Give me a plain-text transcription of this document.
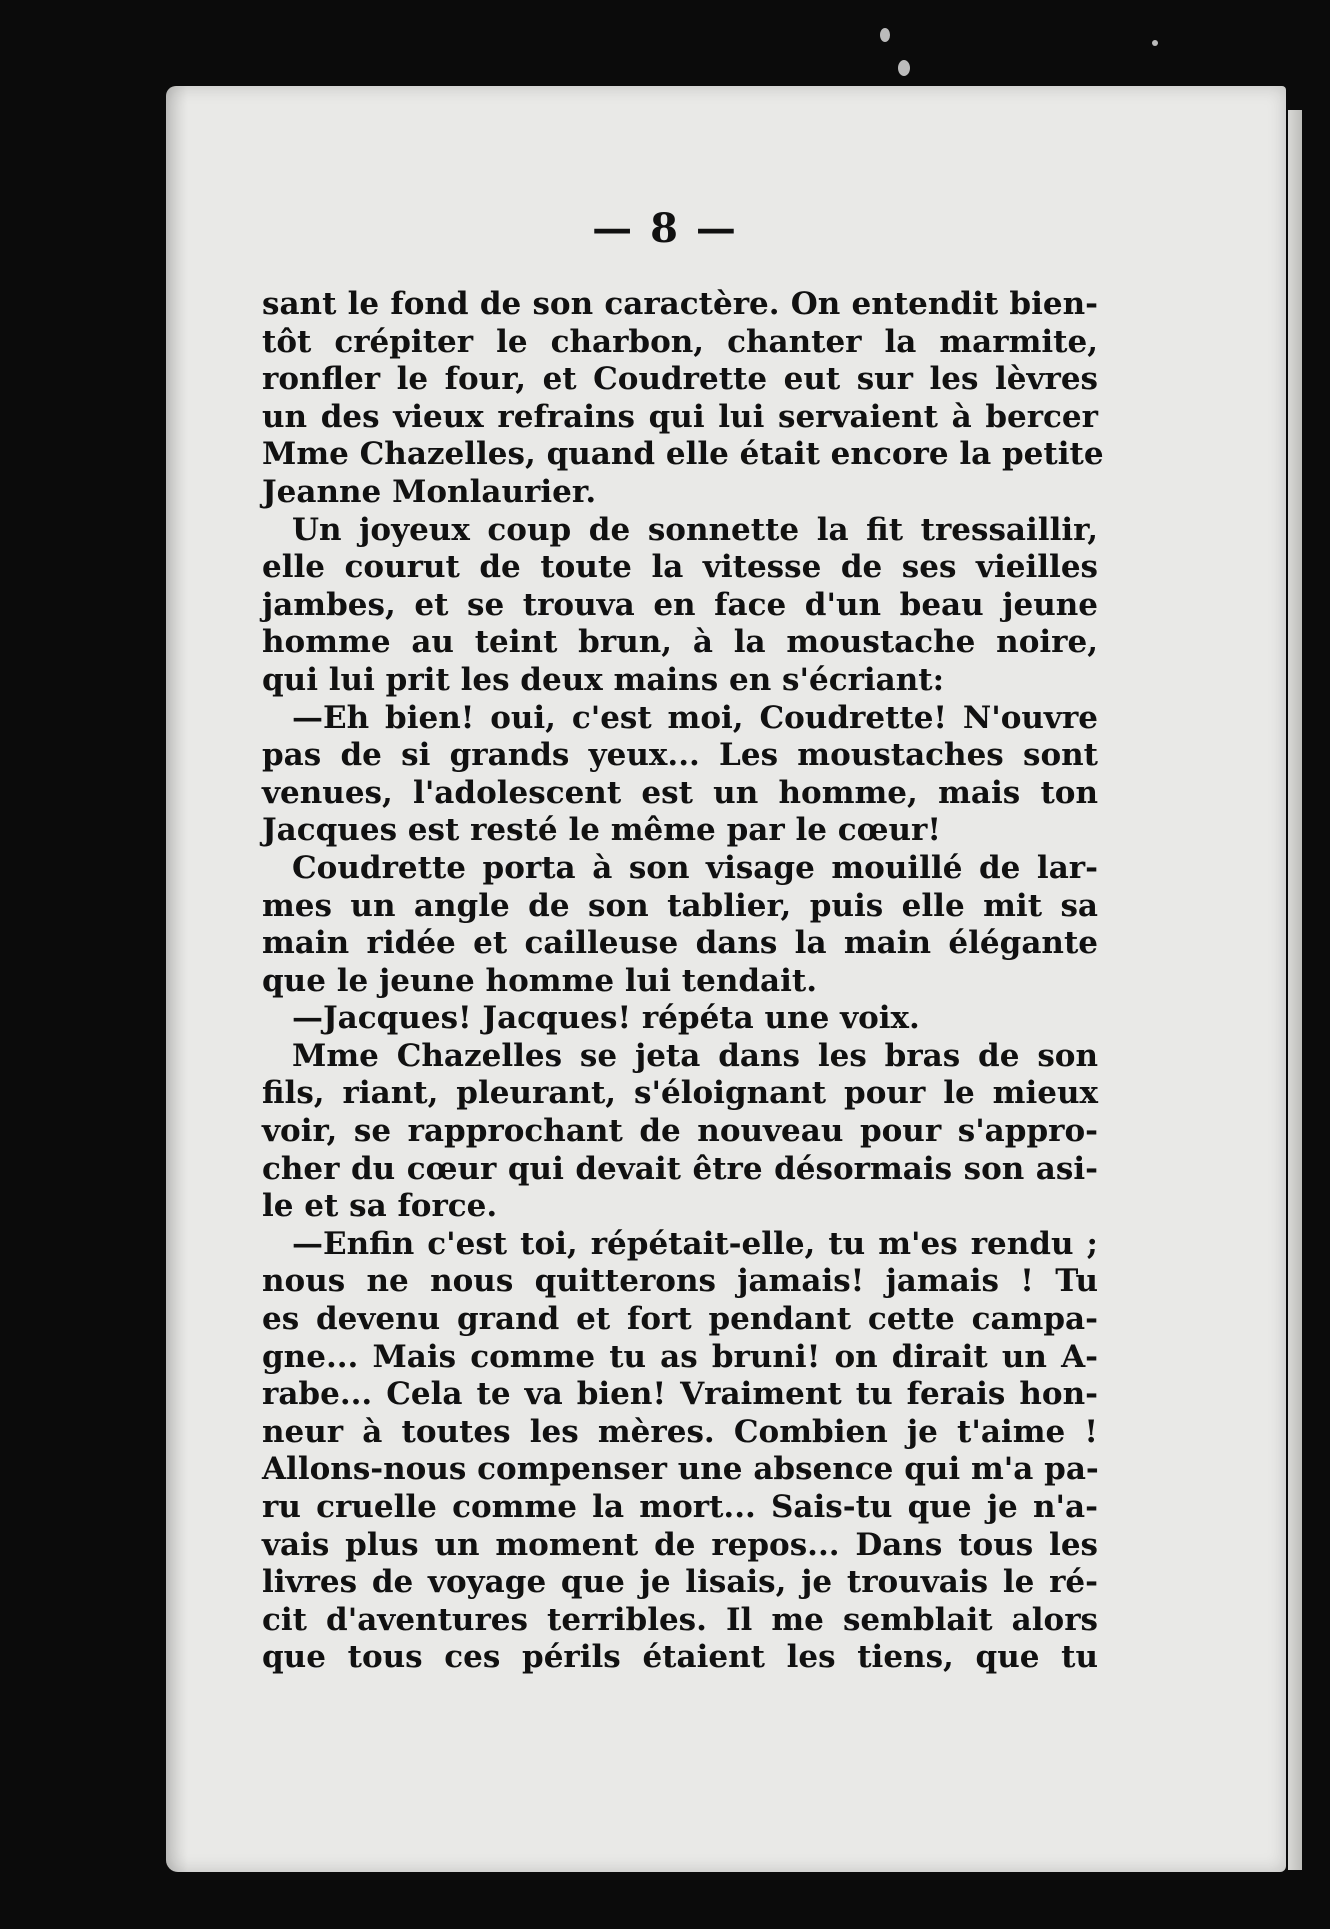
— 8 —
sant le fond de son caractère. On entendit bien-
tôt crépiter le charbon, chanter la marmite,
ronfler le four, et Coudrette eut sur les lèvres
un des vieux refrains qui lui servaient à bercer
Mme Chazelles, quand elle était encore la petite
Jeanne Monlaurier.
Un joyeux coup de sonnette la fit tressaillir,
elle courut de toute la vitesse de ses vieilles
jambes, et se trouva en face d'un beau jeune
homme au teint brun, à la moustache noire,
qui lui prit les deux mains en s'écriant:
—Eh bien! oui, c'est moi, Coudrette! N'ouvre
pas de si grands yeux... Les moustaches sont
venues, l'adolescent est un homme, mais ton
Jacques est resté le même par le cœur!
Coudrette porta à son visage mouillé de lar-
mes un angle de son tablier, puis elle mit sa
main ridée et cailleuse dans la main élégante
que le jeune homme lui tendait.
—Jacques! Jacques! répéta une voix.
Mme Chazelles se jeta dans les bras de son
fils, riant, pleurant, s'éloignant pour le mieux
voir, se rapprochant de nouveau pour s'appro-
cher du cœur qui devait être désormais son asi-
le et sa force.
—Enfin c'est toi, répétait-elle, tu m'es rendu ;
nous ne nous quitterons jamais! jamais ! Tu
es devenu grand et fort pendant cette campa-
gne... Mais comme tu as bruni! on dirait un A-
rabe... Cela te va bien! Vraiment tu ferais hon-
neur à toutes les mères. Combien je t'aime !
Allons-nous compenser une absence qui m'a pa-
ru cruelle comme la mort... Sais-tu que je n'a-
vais plus un moment de repos... Dans tous les
livres de voyage que je lisais, je trouvais le ré-
cit d'aventures terribles. Il me semblait alors
que tous ces périls étaient les tiens, que tu
